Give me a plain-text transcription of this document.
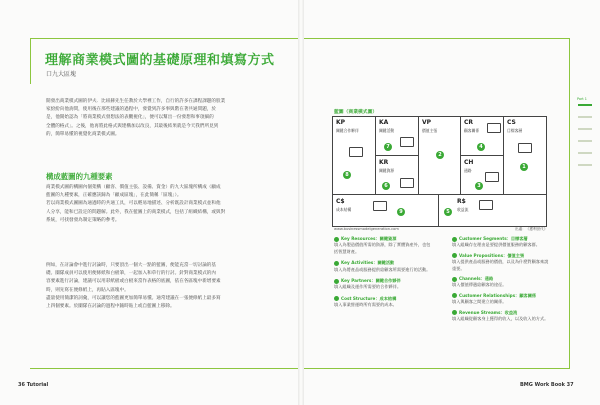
理解商業模式圖的基礎原理和填寫方式
口九大區塊
開發出商業模式圖的伊夫．比紐赫先生任教於大學裡工作，自行的許多在課程課題的股業
家紛紛向他詢問，使用後在那些建議的過程中，發覺到許多事與階在著共通問題，於
是，他開始認為「將商業模式發想法的表觀視化」，便可以幫出一份發想和事項細的
全體的格式」。之後，他再將此格式與建構加以改良，其最後結果就是今天我們所見到
的，簡單易懂的視覺化商業模式圖。
構成藍圖的九種要素
商業模式圖的構圖內個架構（顧客、價值主張、設備、資金）的九大區塊所構成（顧成
藍圖的九種要素，正確應該歸為「顧成區塊」，在此簡稱「區塊」）。
若以商業模式圖圖為通過時的共通工具，可以輕易地描述、分析既設計商業模式並和他
人分享，能和已設定的問題解。此外，我在藍圖上的商業模式，包括了組織結構，或與對
系統，可找發發為制定策略的參考。
例如，在討論會中進行討論時，只要頂出一個大一點的藍圖，便能充當一切討論的基
礎。團隊成員可以使用便條紙和白板筆，一起加入和草行的行討。針對商業模式的內
容要素進行討論，建議可以用彩紙板或白板來當作表格的底圖，依在各區塊中新增要素
時，則先寫在便條紙上，再貼入區塊中。
盡量使用簡潔的詞彙，可以讓您的藍圖更加簡單易懂。通常建議在一張便條紙上最多寫
上四個要素。於團隊在討論的過程中隨時貼上或自藍圖上移除。
藍圖（商業模式圖）
KP
關鍵合作夥伴
8
KA
關鍵活動
7
KR
關鍵資源
6
VP
價值主張
2
CR
顧客關係
4
CH
通路
3
CS
目標客層
1
C$
成本結構	9
R$
收益流
5
www.businessmodelgeneration.com	出處：《獲利世代》
Key Resources：關鍵資源
填入為製造價值所需的資源，除了實體資產外，也包括智慧財產。
Key Activities：關鍵活動
填入為將產品或服務提供給顧客所需要進行的活動。
Key Partners：關鍵合作夥伴
填入組織及運作所需要的合作夥伴。
Cost Structure：成本結構
填入事業營運時所有需要的成本。
Customer Segments：目標客層
填入組織存在理由是要提供價值服務的顧客群。
Value Propositions：價值主張
填入提供產品或服務的價值，以及為什麼對顧客來說重要。
Channels：通路
填入價值傳遞給顧客的途徑。
Customer Relationships：顧客關係
填入與顧客之間建立的關係。
Revenue Streams：收益流
填入組織從顧客身上獲得的收入，以及收入的方式。
Part 1
36 Tutorial	BMG Work Book 37
